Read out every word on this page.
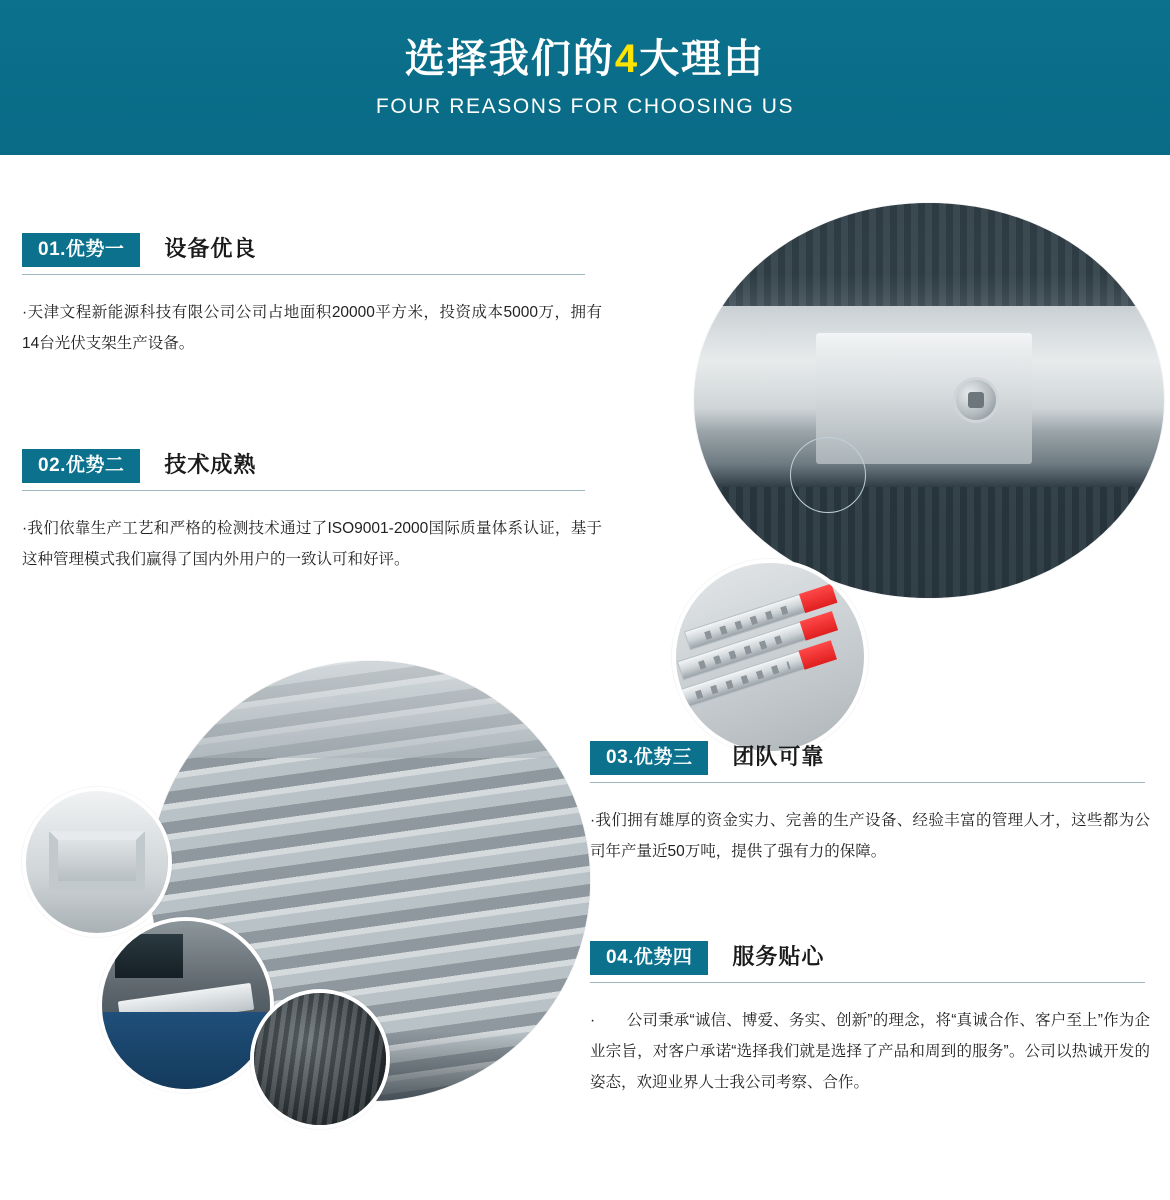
选择我们的4大理由
FOUR REASONS FOR CHOOSING US
01.优势一	设备优良
·天津文程新能源科技有限公司公司占地面积20000平方米，投资成本5000万，拥有14台光伏支架生产设备。
02.优势二	技术成熟
·我们依靠生产工艺和严格的检测技术通过了ISO9001-2000国际质量体系认证，基于这种管理模式我们赢得了国内外用户的一致认可和好评。
03.优势三	团队可靠
·我们拥有雄厚的资金实力、完善的生产设备、经验丰富的管理人才，这些都为公司年产量近50万吨，提供了强有力的保障。
04.优势四	服务贴心
·　　公司秉承“诚信、博爱、务实、创新”的理念，将“真诚合作、客户至上”作为企业宗旨，对客户承诺“选择我们就是选择了产品和周到的服务”。公司以热诚开发的姿态，欢迎业界人士我公司考察、合作。
